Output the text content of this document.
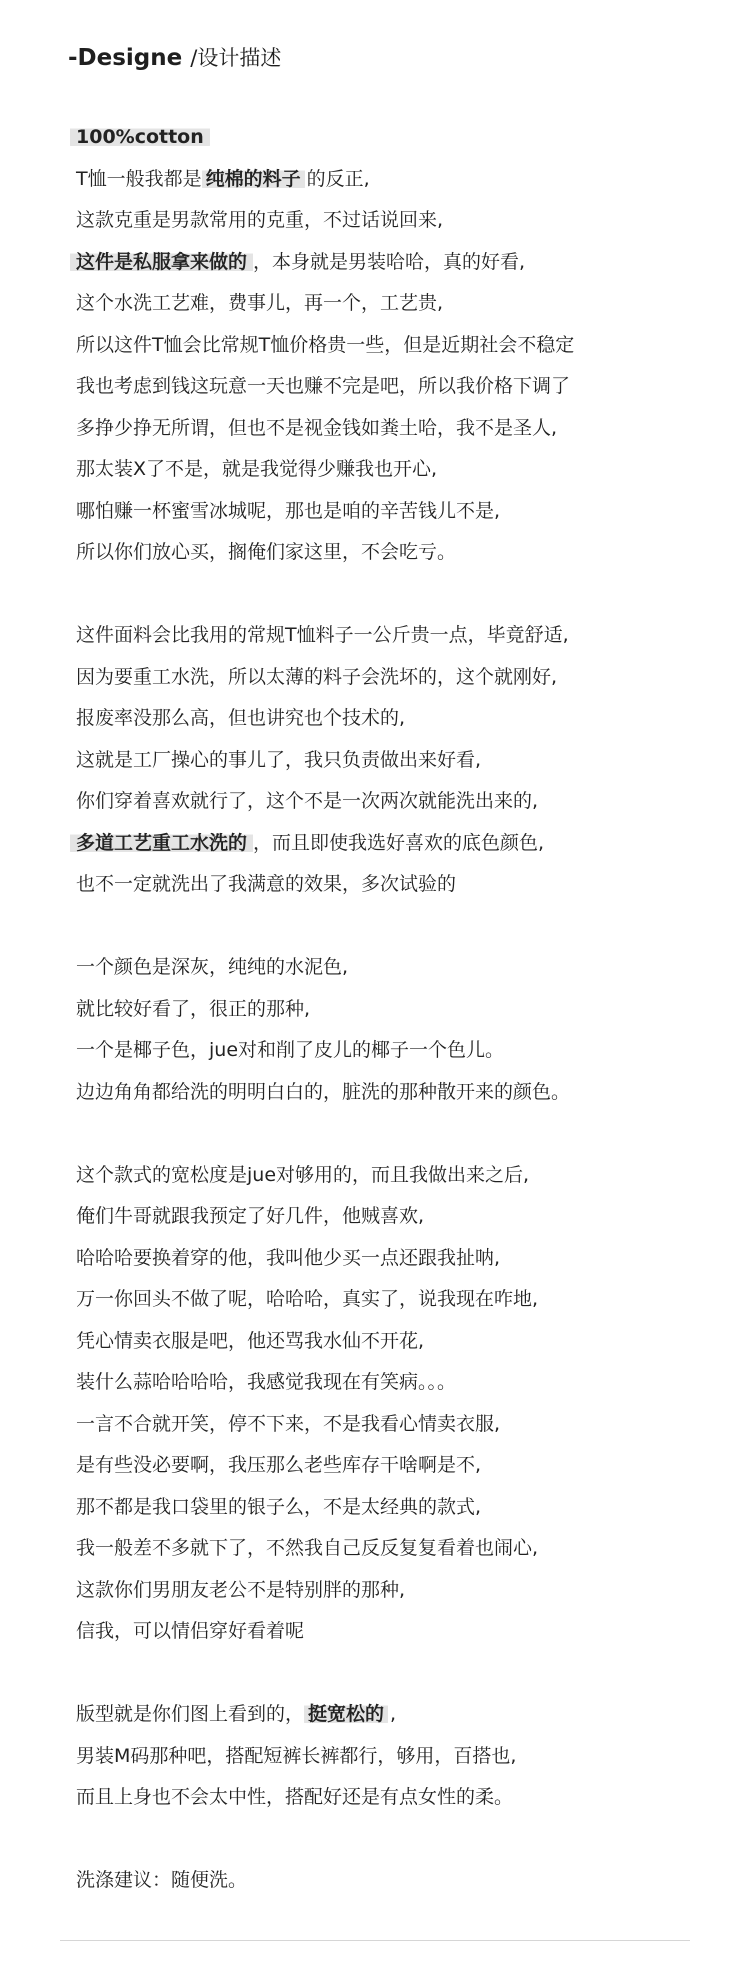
-Designe /设计描述
100%cotton
T恤一般我都是 纯棉的料子 的反正,
这款克重是男款常用的克重，不过话说回来,
这件是私服拿来做的 ，本身就是男装哈哈，真的好看,
这个水洗工艺难，费事儿，再一个，工艺贵,
所以这件T恤会比常规T恤价格贵一些，但是近期社会不稳定
我也考虑到钱这玩意一天也赚不完是吧，所以我价格下调了
多挣少挣无所谓，但也不是视金钱如粪土哈，我不是圣人,
那太装X了不是，就是我觉得少赚我也开心,
哪怕赚一杯蜜雪冰城呢，那也是咱的辛苦钱儿不是,
所以你们放心买，搁俺们家这里，不会吃亏。
这件面料会比我用的常规T恤料子一公斤贵一点，毕竟舒适,
因为要重工水洗，所以太薄的料子会洗坏的，这个就刚好,
报废率没那么高，但也讲究也个技术的,
这就是工厂操心的事儿了，我只负责做出来好看,
你们穿着喜欢就行了，这个不是一次两次就能洗出来的,
多道工艺重工水洗的 ，而且即使我选好喜欢的底色颜色,
也不一定就洗出了我满意的效果，多次试验的
一个颜色是深灰，纯纯的水泥色,
就比较好看了，很正的那种,
一个是椰子色，jue对和削了皮儿的椰子一个色儿。
边边角角都给洗的明明白白的，脏洗的那种散开来的颜色。
这个款式的宽松度是jue对够用的，而且我做出来之后,
俺们牛哥就跟我预定了好几件，他贼喜欢,
哈哈哈要换着穿的他，我叫他少买一点还跟我扯呐,
万一你回头不做了呢，哈哈哈，真实了，说我现在咋地,
凭心情卖衣服是吧，他还骂我水仙不开花,
装什么蒜哈哈哈哈，我感觉我现在有笑病。。。
一言不合就开笑，停不下来，不是我看心情卖衣服,
是有些没必要啊，我压那么老些库存干啥啊是不,
那不都是我口袋里的银子么，不是太经典的款式,
我一般差不多就下了，不然我自己反反复复看着也闹心,
这款你们男朋友老公不是特别胖的那种,
信我，可以情侣穿好看着呢
版型就是你们图上看到的， 挺宽松的 ,
男装M码那种吧，搭配短裤长裤都行，够用，百搭也,
而且上身也不会太中性，搭配好还是有点女性的柔。
洗涤建议：随便洗。
